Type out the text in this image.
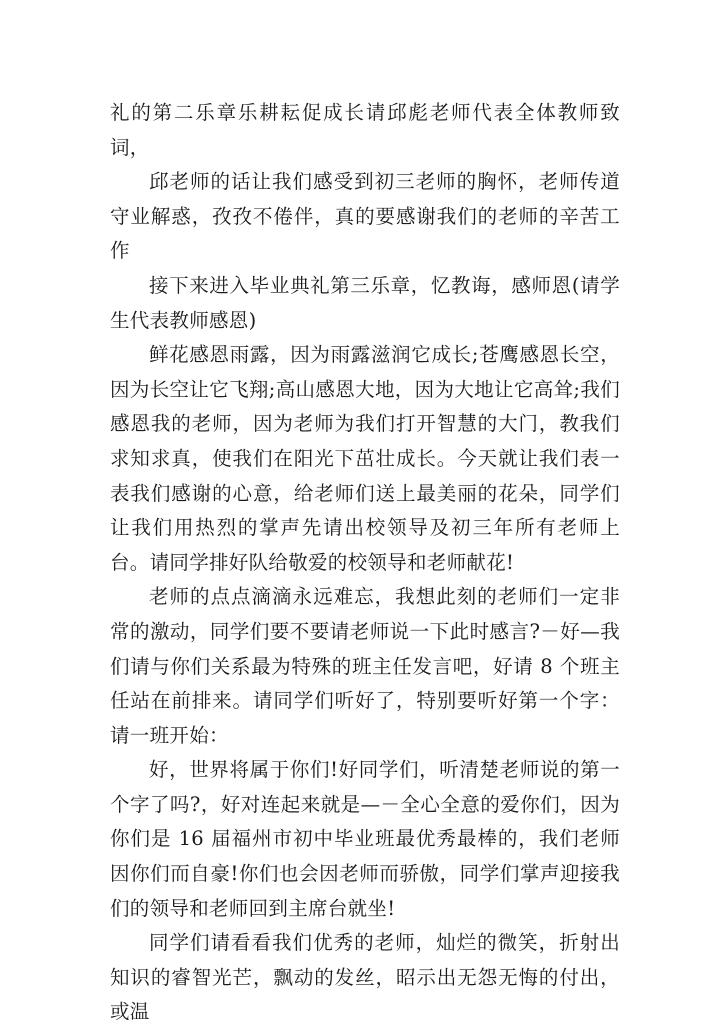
礼的第二乐章乐耕耘促成长请邱彪老师代表全体教师致词，

邱老师的话让我们感受到初三老师的胸怀，老师传道守业解惑，孜孜不倦伴，真的要感谢我们的老师的辛苦工作

接下来进入毕业典礼第三乐章，忆教诲，感师恩(请学生代表教师感恩)

鲜花感恩雨露，因为雨露滋润它成长;苍鹰感恩长空，因为长空让它飞翔;高山感恩大地，因为大地让它高耸;我们感恩我的老师，因为老师为我们打开智慧的大门，教我们求知求真，使我们在阳光下茁壮成长。今天就让我们表一表我们感谢的心意，给老师们送上最美丽的花朵，同学们让我们用热烈的掌声先请出校领导及初三年所有老师上台。请同学排好队给敬爱的校领导和老师献花!

老师的点点滴滴永远难忘，我想此刻的老师们一定非常的激动，同学们要不要请老师说一下此时感言?－好—我们请与你们关系最为特殊的班主任发言吧，好请 8 个班主任站在前排来。请同学们听好了，特别要听好第一个字：请一班开始：

好，世界将属于你们!好同学们，听清楚老师说的第一个字了吗?，好对连起来就是—－全心全意的爱你们，因为你们是 16 届福州市初中毕业班最优秀最棒的，我们老师因你们而自豪!你们也会因老师而骄傲，同学们掌声迎接我们的领导和老师回到主席台就坐!

同学们请看看我们优秀的老师，灿烂的微笑，折射出知识的睿智光芒，飘动的发丝，昭示出无怨无悔的付出，或温
